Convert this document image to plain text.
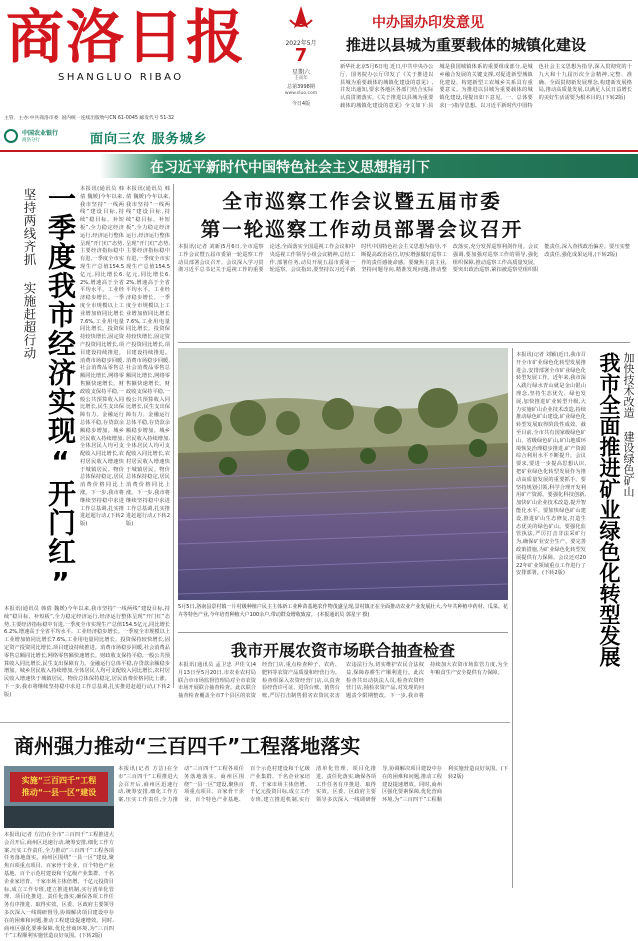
商洛日报
SHANGLUO RIBAO
2022年5月
7
星期六
壬寅年
总第3998期
www.sluo.com
今日4版
主管、主办:中共商洛市委 国内统一连续出版物号CN 61-0045 邮发代号 51-32
中国农业银行
商洛分行	面向三农 服务城乡
中办国办印发意见
推进以县城为重要载体的城镇化建设
新华社北京5月6日电 近日,中共中央办公厅、国务院办公厅印发了《关于推进以县城为重要载体的城镇化建设的意见》,并发出通知,要求各地区各部门结合实际认真贯彻落实。《关于推进以县城为重要载体的城镇化建设的意见》全文如下:县城是我国城镇体系的重要组成部分,是城乡融合发展的关键支撑,对促进新型城镇化建设、构建新型工农城乡关系具有重要意义。为推进以县城为重要载体的城镇化建设,现提出如下意见。一、总体要求(一)指导思想。以习近平新时代中国特色社会主义思想为指导,深入贯彻党的十九大和十九届历次全会精神,完整、准确、全面贯彻新发展理念,构建新发展格局,推动高质量发展,以满足人民日益增长的美好生活需要为根本目的,(下转2版)
在习近平新时代中国特色社会主义思想指引下
坚持两线齐抓 实施赶超行动 一季度我市经济实现“开门红” 本报讯(通讯员 韩倩 魏媛)今年以来,我市坚持“一线两线”建设目标,持续“稳目标、补短板”,全力稳定经济运行,经济运行整体呈现“开门红”态势,主要经济指标稳中有进,一季度全市实现生产总值154.5亿元,同比增长6.2%,增速高于全省平均水平。工业经济稳步增长。一季度全市规模以上工业增加值同比增长7.6%,工业用电量同比增长。投资保持较快增长,固定资产投资同比增长,项目建设持续推进。消费市场稳步回暖,社会消费品零售总额同比增长,网络零售额快速增长。财政收支保持平稳,一般公共预算收入同比增长,民生支出保障有力。金融运行总体平稳,存贷款余额稳步增加。城乡居民收入持续增加,全体居民人均可支配收入同比增长,农村居民收入增速快于城镇居民。物价总体保持稳定,居民消费价格同比上涨。下一步,我市将继续坚持稳中求进工作总基调,扎实推进赶超行动,(下转2版)
本报讯(通讯员 韩倩 魏媛)今年以来,我市坚持“一线两线”建设目标,持续“稳目标、补短板”,全力稳定经济运行,经济运行整体呈现“开门红”态势,主要经济指标稳中有进,一季度全市实现生产总值154.5亿元,同比增长6.2%,增速高于全省平均水平。工业经济稳步增长。一季度全市规模以上工业增加值同比增长7.6%,工业用电量同比增长。投资保持较快增长,固定资产投资同比增长,项目建设持续推进。消费市场稳步回暖,社会消费品零售总额同比增长,网络零售额快速增长。财政收支保持平稳,一般公共预算收入同比增长,民生支出保障有力。金融运行总体平稳,存贷款余额稳步增加。城乡居民收入持续增加,全体居民人均可支配收入同比增长,农村居民收入增速快于城镇居民。物价总体保持稳定,居民消费价格同比上涨。下一步,我市将继续坚持稳中求进工作总基调,扎实推进赶超行动,(下转2版)
本报讯(通讯员 韩倩 魏媛)今年以来,我市坚持“一线两线”建设目标,持续“稳目标、补短板”,全力稳定经济运行,经济运行整体呈现“开门红”态势,主要经济指标稳中有进,一季度全市实现生产总值154.5亿元,同比增长6.2%,增速高于全省平均水平。工业经济稳步增长。一季度全市规模以上工业增加值同比增长7.6%,工业用电量同比增长。投资保持较快增长,固定资产投资同比增长,项目建设持续推进。消费市场稳步回暖,社会消费品零售总额同比增长,网络零售额快速增长。财政收支保持平稳,一般公共预算收入同比增长,民生支出保障有力。金融运行总体平稳,存贷款余额稳步增加。城乡居民收入持续增加,全体居民人均可支配收入同比增长,农村居民收入增速快于城镇居民。物价总体保持稳定,居民消费价格同比上涨。下一步,我市将继续坚持稳中求进工作总基调,扎实推进赶超行动,(下转2版)
全市巡察工作会议暨五届市委
第一轮巡察工作动员部署会议召开
本报讯(记者 刘新)5月6日,全市巡察工作会议暨五届市委第一轮巡察工作动员部署会议召开。会议深入学习贯彻习近平总书记关于巡视工作的重要论述,全面落实全国巡视工作会议和中央巡视工作领导小组会议精神,总结工作,部署任务,动员开展五届市委第一轮巡察。会议指出,要坚持以习近平新时代中国特色社会主义思想为指导,不断提高政治站位,切实增强做好巡察工作的责任感使命感。要聚焦主责主业,坚持问题导向,精准发现问题,推动整改落实,充分发挥巡察利剑作用。会议强调,要加强对巡察工作的领导,强化组织保障,推动巡察工作高质量发展。要突出政治巡察,紧扣被巡察党组织职能责任,深入查找政治偏差。要压实整改责任,强化成果运用,(下转2版)
5月5日,洛南县景村镇一片村级种植户民主主体新工业种苗基地农作物茂盛呈现,景村镇正在全面推动农业产业发展壮大,今年共种植中药材、瓜菜、花卉等特色产业,今年培育种植大户100余户,带动群众增收致富。 (本报通讯员 郭星宇 摄)
本报讯(记者 刘颖)近日,我市召开全市矿业绿色化转型发展推进会,安排部署全市矿业绿色化转型发展工作。近年来,我市深入践行绿水青山就是金山银山理念,坚持生态优先、绿色发展,加快推进矿业转型升级,大力实施矿山企业技术改造,持续推动绿色矿山建设,矿业绿色化转型发展取得阶段性成效。截至目前,全市共有国家级绿色矿山、省级绿色矿山,矿山地质环境恢复治理稳步推进,矿产资源综合利用水平不断提升。会议要求,要进一步提高思想认识,把矿业绿色化转型发展作为推动高质量发展的重要抓手。要坚持规划引领,科学合理开发利用矿产资源。要强化科技创新,加快矿山企业技术改造,提升智能化水平。要加快绿色矿山建设,推进矿山生态修复,打造生态优美的绿色矿山。要强化监管执法,严厉打击非法采矿行为,确保矿业安全生产。要完善政策措施,为矿业绿色化转型发展提供有力保障。会议还对2022年矿业领域重点工作进行了安排部署。(下转2版)	我市全面推进矿业绿色化转型发展 加快技术改造 建设绿色矿山
我市开展农资市场联合抽查检查
本报讯(通讯员 孟卫忠 尹佳文)4月13日至5月20日,市农业农村局联合市市场监督管理局对全市农资市场开展联合抽查检查。此次联合抽查检查覆盖全市7个县区的农资经营门店,重点检查种子、农药、肥料等农资产品质量和经营行为。检查组深入农资经营门店,认真查验经营许可证、进货台账、销售台账,严厉打击制售假劣农资坑农害农违法行为,切实维护农民合法权益,保障春耕生产顺利进行。此次检查共出动执法人员,检查农资经营门店,抽检农资产品,对发现的问题责令限期整改。下一步,我市将持续加大农资市场监管力度,为全年粮食生产安全提供有力保障。
商州强力推动“三百四千”工程落地落实
实施“三百四千”工程
推动“一县一区”建设
本报讯(记者 方洁)在全市“三百四千”工程推进大会召开后,商州区迅速行动,统筹安排,细化工作方案,压实工作责任,全力推动“三百四千”工程各项任务落地落实。商州区围绕“一县一区”建设,聚焦百项重点项目、百家骨干企业、百个特色产业基地、百个示范村建设和千亿级产业集群、千名企业家培育、千家市场主体倍增、千亿元投资目标,成立工作专班,建立推进机制,实行清单化管理、项目化推进、责任化落实,确保各项工作任务有序推进、取得实效。区委、区政府主要领导多次深入一线调研督导,协调解决项目建设中存在的困难和问题,推动工程建设提速增效。同时,商州区强化要素保障,优化营商环境,为“三百四千”工程顺利实施营造良好氛围。(下转2版)
本报讯(记者 方洁)在全市“三百四千”工程推进大会召开后,商州区迅速行动,统筹安排,细化工作方案,压实工作责任,全力推动“三百四千”工程各项任务落地落实。商州区围绕“一县一区”建设,聚焦百项重点项目、百家骨干企业、百个特色产业基地、百个示范村建设和千亿级产业集群、千名企业家培育、千家市场主体倍增、千亿元投资目标,成立工作专班,建立推进机制,实行清单化管理、项目化推进、责任化落实,确保各项工作任务有序推进、取得实效。区委、区政府主要领导多次深入一线调研督导,协调解决项目建设中存在的困难和问题,推动工程建设提速增效。同时,商州区强化要素保障,优化营商环境,为“三百四千”工程顺利实施营造良好氛围。(下转2版)
